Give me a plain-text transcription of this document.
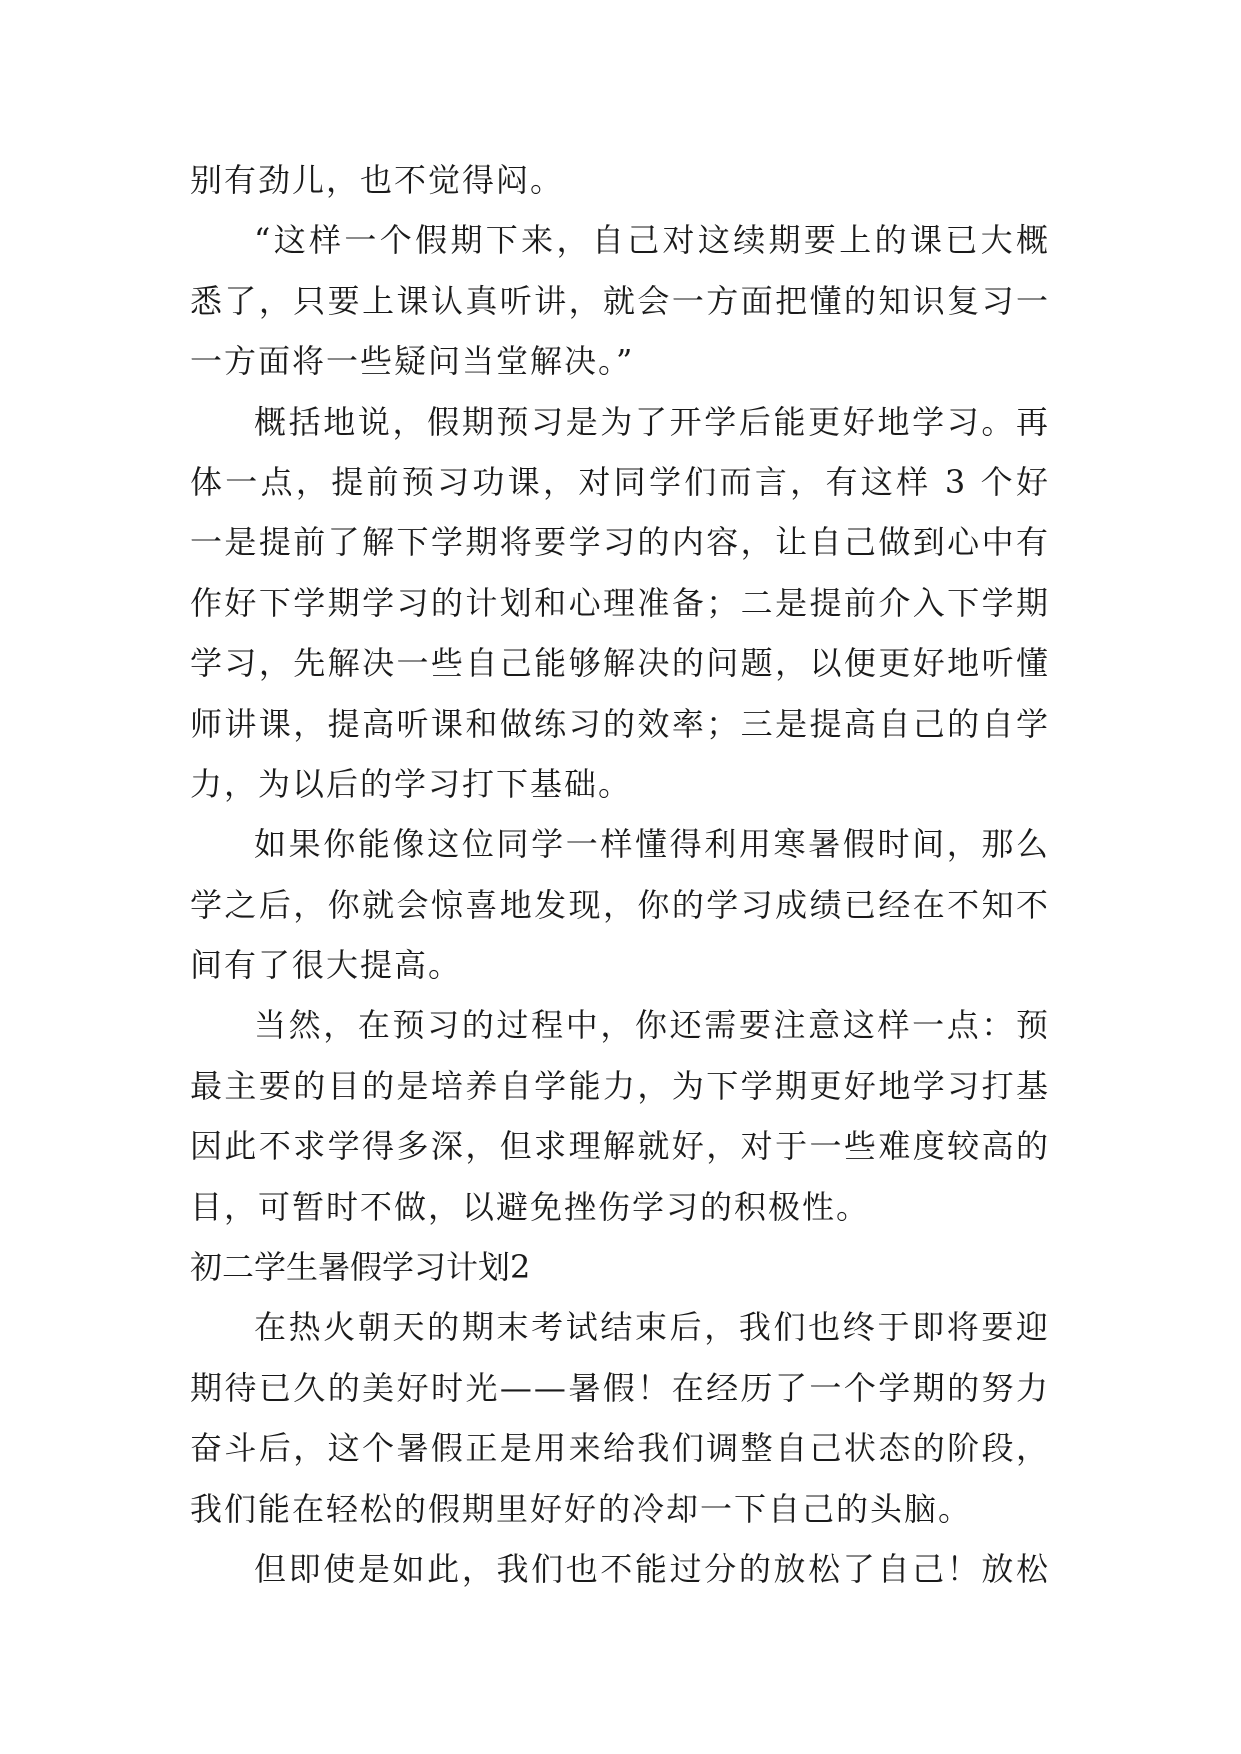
别有劲儿，也不觉得闷。
“这样一个假期下来，自己对这续期要上的课已大概
悉了，只要上课认真听讲，就会一方面把懂的知识复习一
一方面将一些疑问当堂解决。”
概括地说，假期预习是为了开学后能更好地学习。再
体一点，提前预习功课，对同学们而言，有这样 3 个好
一是提前了解下学期将要学习的内容，让自己做到心中有
作好下学期学习的计划和心理准备；二是提前介入下学期
学习，先解决一些自己能够解决的问题，以便更好地听懂
师讲课，提高听课和做练习的效率；三是提高自己的自学
力，为以后的学习打下基础。
如果你能像这位同学一样懂得利用寒暑假时间，那么
学之后，你就会惊喜地发现，你的学习成绩已经在不知不
间有了很大提高。
当然，在预习的过程中，你还需要注意这样一点：预
最主要的目的是培养自学能力，为下学期更好地学习打基
因此不求学得多深，但求理解就好，对于一些难度较高的
目，可暂时不做，以避免挫伤学习的积极性。
初二学生暑假学习计划2
在热火朝天的期末考试结束后，我们也终于即将要迎
期待已久的美好时光——暑假！在经历了一个学期的努力
奋斗后，这个暑假正是用来给我们调整自己状态的阶段，
我们能在轻松的假期里好好的冷却一下自己的头脑。
但即使是如此，我们也不能过分的放松了自己！放松
